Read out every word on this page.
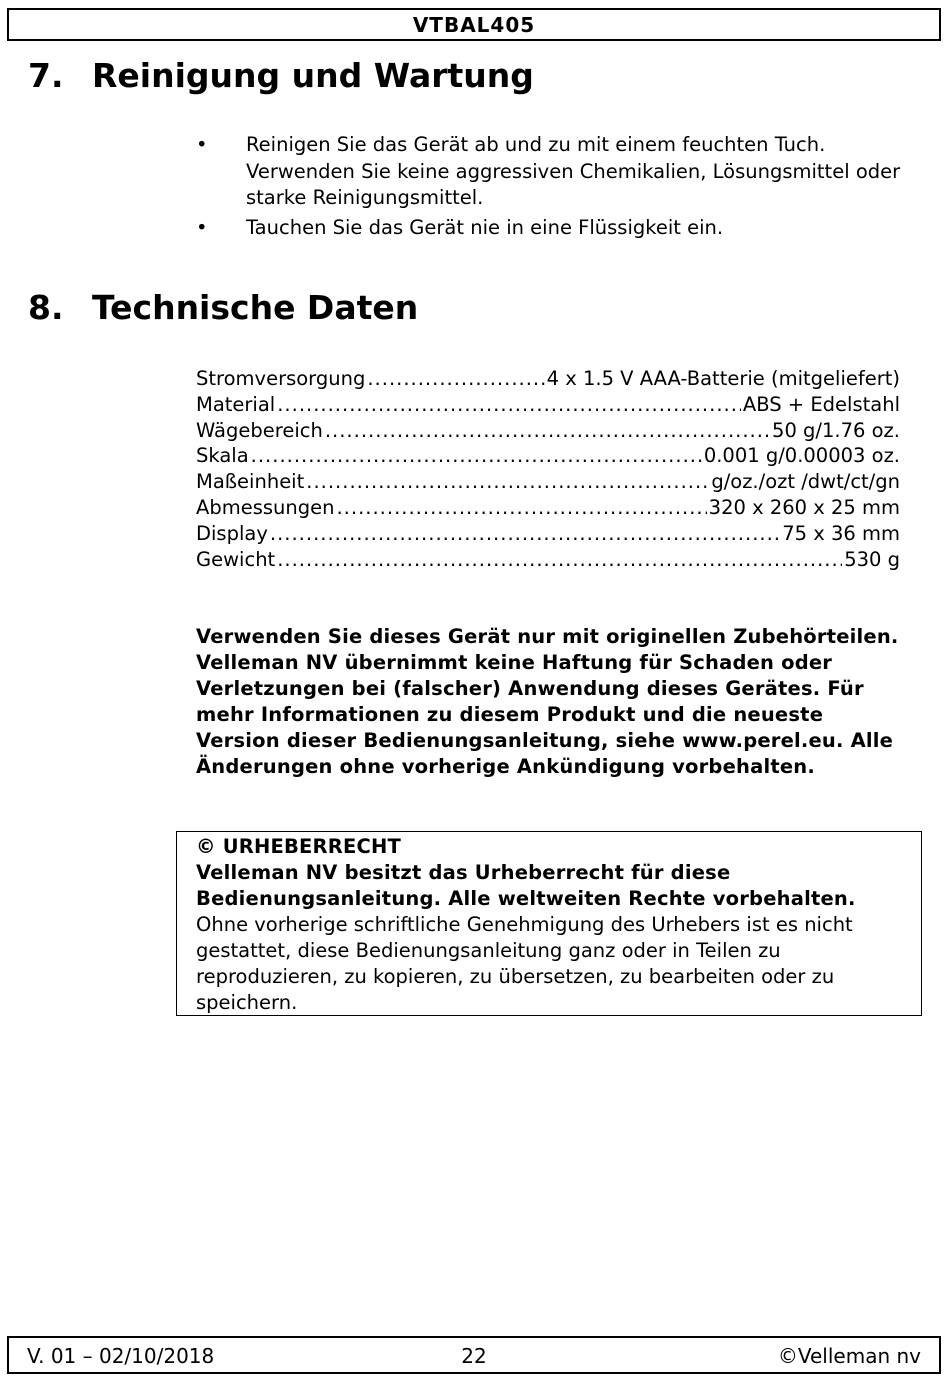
VTBAL405
7. Reinigung und Wartung
• Reinigen Sie das Gerät ab und zu mit einem feuchten Tuch. Verwenden Sie keine aggressiven Chemikalien, Lösungsmittel oder starke Reinigungsmittel.
• Tauchen Sie das Gerät nie in eine Flüssigkeit ein.
8. Technische Daten
Stromversorgung .....	4 x 1.5 V AAA-Batterie (mitgeliefert)
Material .....	ABS + Edelstahl
Wägebereich .....	50 g/1.76 oz.
Skala .....	0.001 g/0.00003 oz.
Maßeinheit .....	g/oz./ozt /dwt/ct/gn
Abmessungen .....	320 x 260 x 25 mm
Display .....	75 x 36 mm
Gewicht .....	530 g

Verwenden Sie dieses Gerät nur mit originellen Zubehörteilen. Velleman NV übernimmt keine Haftung für Schaden oder Verletzungen bei (falscher) Anwendung dieses Gerätes. Für mehr Informationen zu diesem Produkt und die neueste Version dieser Bedienungsanleitung, siehe www.perel.eu. Alle Änderungen ohne vorherige Ankündigung vorbehalten.

© URHEBERRECHT
Velleman NV besitzt das Urheberrecht für diese Bedienungsanleitung. Alle weltweiten Rechte vorbehalten.
Ohne vorherige schriftliche Genehmigung des Urhebers ist es nicht gestattet, diese Bedienungsanleitung ganz oder in Teilen zu reproduzieren, zu kopieren, zu übersetzen, zu bearbeiten oder zu speichern.
V. 01 – 02/10/2018	22	©Velleman nv
